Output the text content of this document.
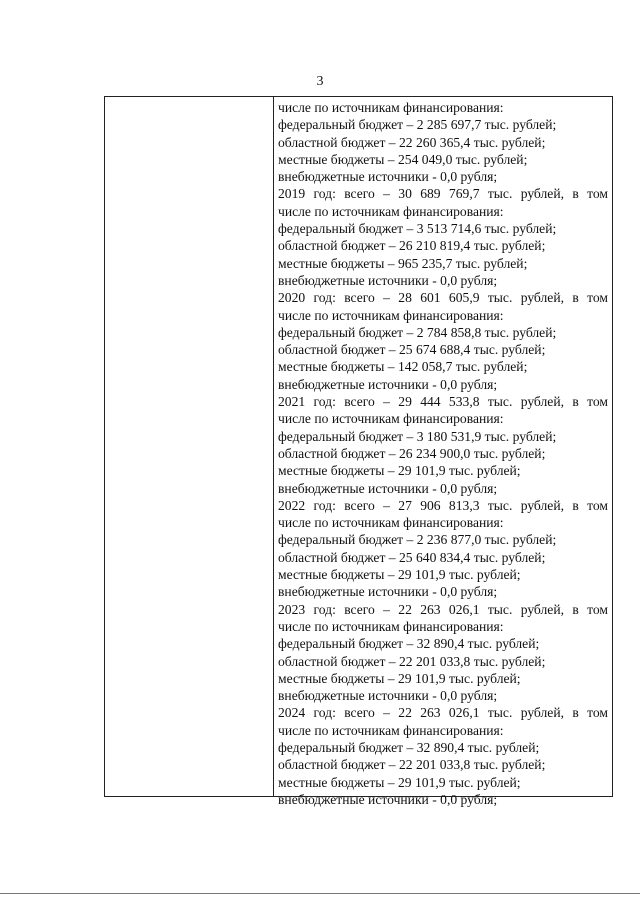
3
числе по источникам финансирования:
федеральный бюджет – 2 285 697,7 тыс. рублей;
областной бюджет – 22 260 365,4 тыс. рублей;
местные бюджеты – 254 049,0 тыс. рублей;
внебюджетные источники - 0,0 рубля;
2019 год: всего – 30 689 769,7 тыс. рублей, в том
числе по источникам финансирования:
федеральный бюджет – 3 513 714,6 тыс. рублей;
областной бюджет – 26 210 819,4 тыс. рублей;
местные бюджеты – 965 235,7 тыс. рублей;
внебюджетные источники - 0,0 рубля;
2020 год: всего – 28 601 605,9 тыс. рублей, в том
числе по источникам финансирования:
федеральный бюджет – 2 784 858,8 тыс. рублей;
областной бюджет – 25 674 688,4 тыс. рублей;
местные бюджеты – 142 058,7 тыс. рублей;
внебюджетные источники - 0,0 рубля;
2021 год: всего – 29 444 533,8 тыс. рублей, в том
числе по источникам финансирования:
федеральный бюджет – 3 180 531,9 тыс. рублей;
областной бюджет – 26 234 900,0 тыс. рублей;
местные бюджеты – 29 101,9 тыс. рублей;
внебюджетные источники - 0,0 рубля;
2022 год: всего – 27 906 813,3 тыс. рублей, в том
числе по источникам финансирования:
федеральный бюджет – 2 236 877,0 тыс. рублей;
областной бюджет – 25 640 834,4 тыс. рублей;
местные бюджеты – 29 101,9 тыс. рублей;
внебюджетные источники - 0,0 рубля;
2023 год: всего – 22 263 026,1 тыс. рублей, в том
числе по источникам финансирования:
федеральный бюджет – 32 890,4 тыс. рублей;
областной бюджет – 22 201 033,8 тыс. рублей;
местные бюджеты – 29 101,9 тыс. рублей;
внебюджетные источники - 0,0 рубля;
2024 год: всего – 22 263 026,1 тыс. рублей, в том
числе по источникам финансирования:
федеральный бюджет – 32 890,4 тыс. рублей;
областной бюджет – 22 201 033,8 тыс. рублей;
местные бюджеты – 29 101,9 тыс. рублей;
внебюджетные источники - 0,0 рубля;
